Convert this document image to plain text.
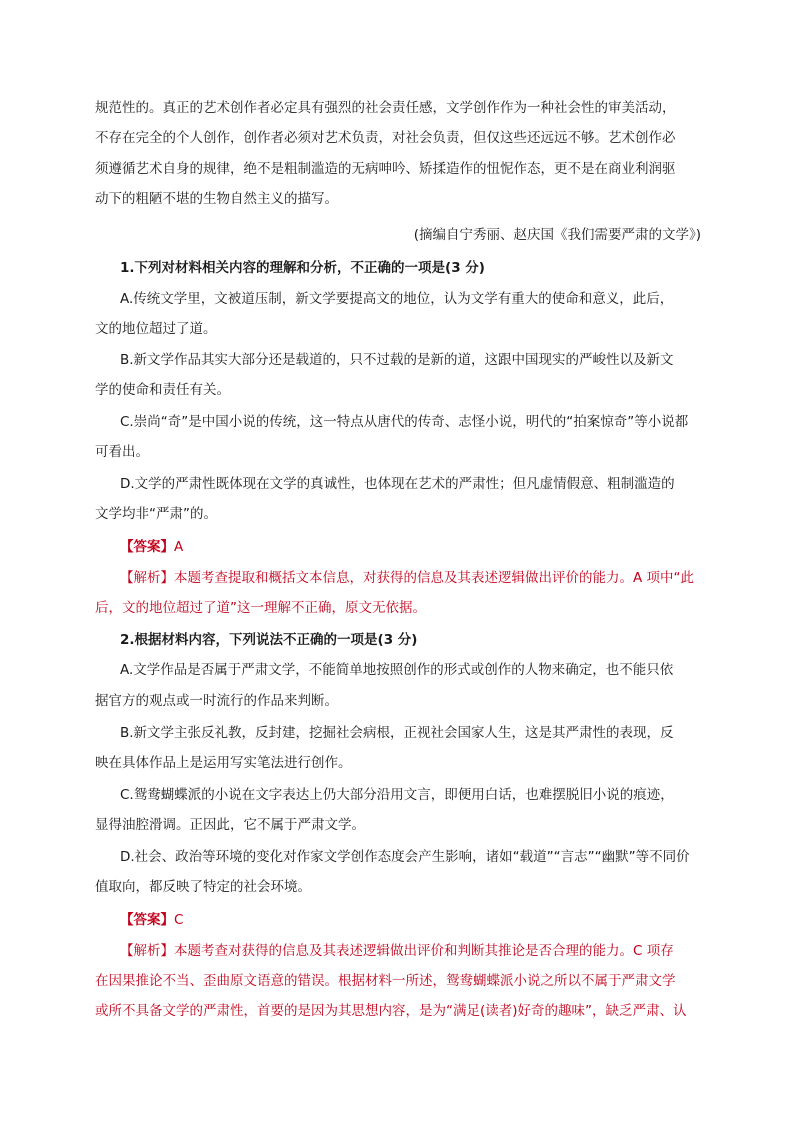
规范性的。真正的艺术创作者必定具有强烈的社会责任感，文学创作作为一种社会性的审美活动，
不存在完全的个人创作，创作者必须对艺术负责，对社会负责，但仅这些还远远不够。艺术创作必
须遵循艺术自身的规律，绝不是粗制滥造的无病呻吟、矫揉造作的忸怩作态，更不是在商业利润驱
动下的粗陋不堪的生物自然主义的描写。
(摘编自宁秀丽、赵庆国《我们需要严肃的文学》)
1.下列对材料相关内容的理解和分析，不正确的一项是(3 分)
A.传统文学里，文被道压制，新文学要提高文的地位，认为文学有重大的使命和意义，此后，
文的地位超过了道。
B.新文学作品其实大部分还是载道的，只不过载的是新的道，这跟中国现实的严峻性以及新文
学的使命和责任有关。
C.崇尚“奇”是中国小说的传统，这一特点从唐代的传奇、志怪小说，明代的“拍案惊奇”等小说都
可看出。
D.文学的严肃性既体现在文学的真诚性，也体现在艺术的严肃性；但凡虚情假意、粗制滥造的
文学均非“严肃”的。
【答案】A
【解析】本题考查提取和概括文本信息，对获得的信息及其表述逻辑做出评价的能力。A 项中“此
后，文的地位超过了道”这一理解不正确，原文无依据。
2.根据材料内容，下列说法不正确的一项是(3 分)
A.文学作品是否属于严肃文学，不能简单地按照创作的形式或创作的人物来确定，也不能只依
据官方的观点或一时流行的作品来判断。
B.新文学主张反礼教，反封建，挖掘社会病根，正视社会国家人生，这是其严肃性的表现，反
映在具体作品上是运用写实笔法进行创作。
C.鸳鸯蝴蝶派的小说在文字表达上仍大部分沿用文言，即便用白话，也难摆脱旧小说的痕迹，
显得油腔滑调。正因此，它不属于严肃文学。
D.社会、政治等环境的变化对作家文学创作态度会产生影响，诸如“载道”“言志”“幽默”等不同价
值取向，都反映了特定的社会环境。
【答案】C
【解析】本题考查对获得的信息及其表述逻辑做出评价和判断其推论是否合理的能力。C 项存
在因果推论不当、歪曲原文语意的错误。根据材料一所述，鸳鸯蝴蝶派小说之所以不属于严肃文学
或所不具备文学的严肃性，首要的是因为其思想内容，是为“满足(读者)好奇的趣味”，缺乏严肃、认
